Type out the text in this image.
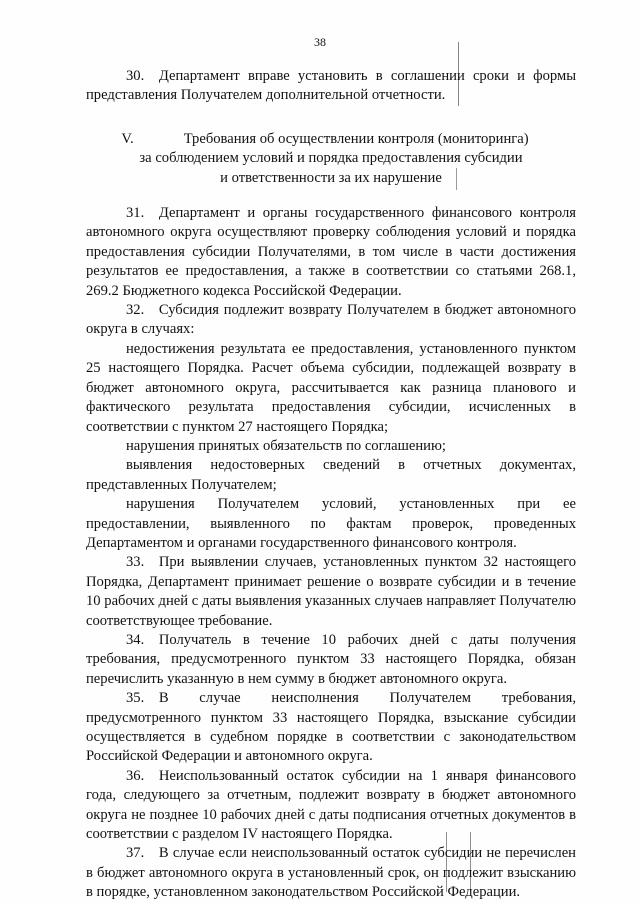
38

30. Департамент вправе установить в соглашении сроки и формы представления Получателем дополнительной отчетности.

V.	Требования об осуществлении контроля (мониторинга)
за соблюдением условий и порядка предоставления субсидии
и ответственности за их нарушение

31. Департамент и органы государственного финансового контроля автономного округа осуществляют проверку соблюдения условий и порядка предоставления субсидии Получателями, в том числе в части достижения результатов ее предоставления, а также в соответствии со статьями 268.1, 269.2 Бюджетного кодекса Российской Федерации.

32. Субсидия подлежит возврату Получателем в бюджет автономного округа в случаях:

недостижения результата ее предоставления, установленного пунктом 25 настоящего Порядка. Расчет объема субсидии, подлежащей возврату в бюджет автономного округа, рассчитывается как разница планового и фактического результата предоставления субсидии, исчисленных в соответствии с пунктом 27 настоящего Порядка;

нарушения принятых обязательств по соглашению;

выявления недостоверных сведений в отчетных документах, представленных Получателем;

нарушения Получателем условий, установленных при ее предоставлении, выявленного по фактам проверок, проведенных Департаментом и органами государственного финансового контроля.

33. При выявлении случаев, установленных пунктом 32 настоящего Порядка, Департамент принимает решение о возврате субсидии и в течение 10 рабочих дней с даты выявления указанных случаев направляет Получателю соответствующее требование.

34. Получатель в течение 10 рабочих дней с даты получения требования, предусмотренного пунктом 33 настоящего Порядка, обязан перечислить указанную в нем сумму в бюджет автономного округа.

35. В случае неисполнения Получателем требования, предусмотренного пунктом 33 настоящего Порядка, взыскание субсидии осуществляется в судебном порядке в соответствии с законодательством Российской Федерации и автономного округа.

36. Неиспользованный остаток субсидии на 1 января финансового года, следующего за отчетным, подлежит возврату в бюджет автономного округа не позднее 10 рабочих дней с даты подписания отчетных документов в соответствии с разделом IV настоящего Порядка.

37. В случае если неиспользованный остаток субсидии не перечислен в бюджет автономного округа в установленный срок, он подлежит взысканию в порядке, установленном законодательством Российской Федерации.
